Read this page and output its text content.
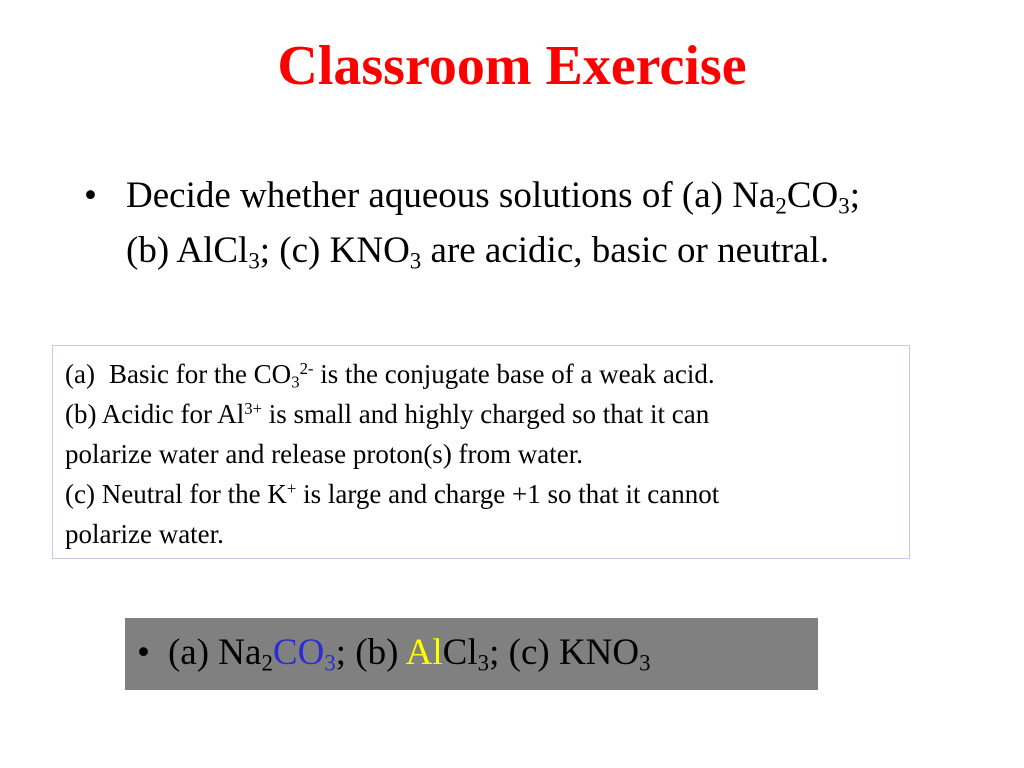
Classroom Exercise
• Decide whether aqueous solutions of (a) $Na_2CO_3$; (b) AlCl$_3$; (c) $KNO_3$ are acidic, basic or neutral.
(a) Basic for the $CO_3^{2-}$ is the conjugate base of a weak acid.
(b) Acidic for $Al^{3+}$ is small and highly charged so that it can
polarize water and release proton(s) from water.
(c) Neutral for the K+ is large and charge +1 so that it cannot
polarize water.
• (a) $Na_2CO_3$; (b) AlCl$_3$; (c) $KNO_3$
